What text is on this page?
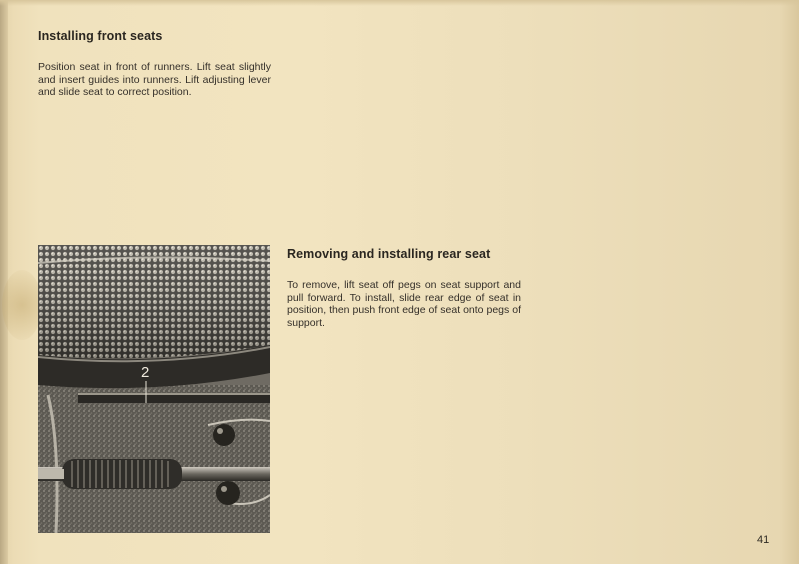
Installing front seats
Position seat in front of runners. Lift seat slightly and insert guides into runners. Lift adjusting lever and slide seat to correct position.
2
Removing and installing rear seat
To remove, lift seat off pegs on seat support and pull forward. To install, slide rear edge of seat in position, then push front edge of seat onto pegs of support.
41
